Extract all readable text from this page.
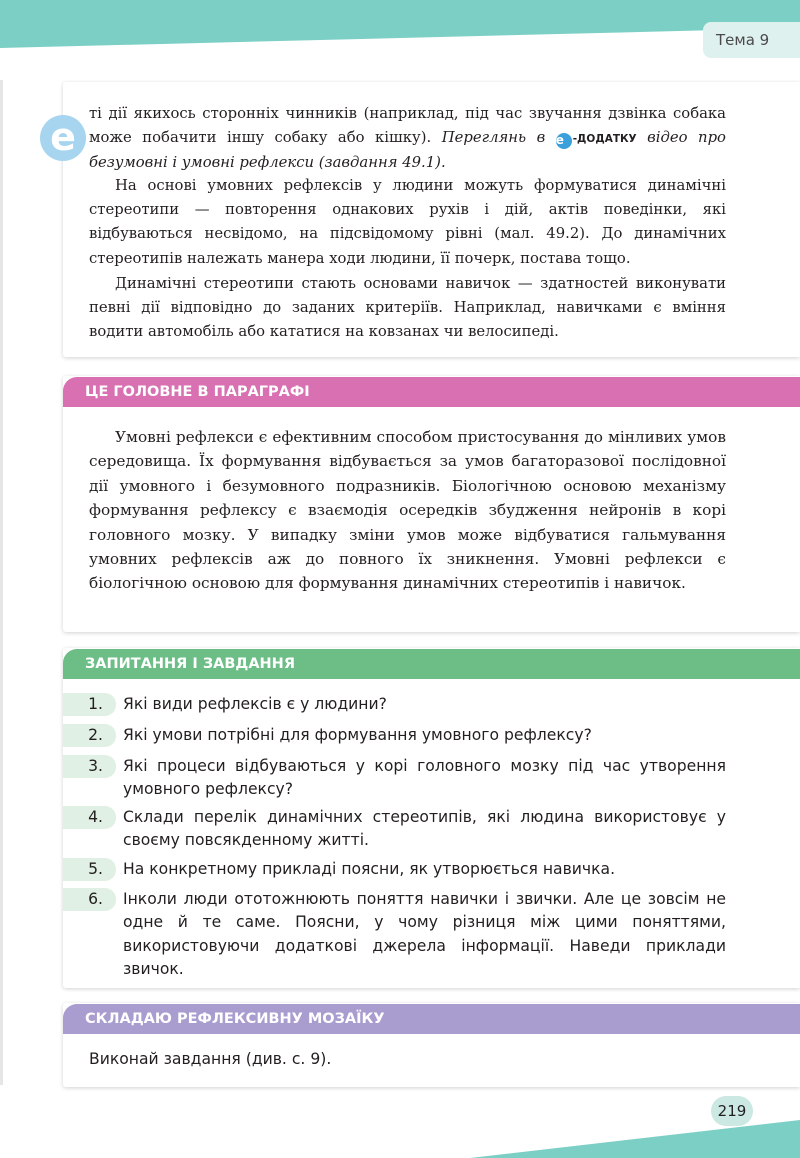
Тема 9
e

ті дії якихось сторонніх чинників (наприклад, під час звучання дзвінка собака може побачити іншу собаку або кішку). Переглянь в е -ДОДАТКУ відео про безумовні і умовні рефлекси (завдання 49.1).

На основі умовних рефлексів у людини можуть формуватися динамічні стереотипи — повторення однакових рухів і дій, актів поведінки, які відбуваються несвідомо, на підсвідомому рівні (мал. 49.2). До динамічних стереотипів належать манера ходи людини, її почерк, постава тощо.

Динамічні стереотипи стають основами навичок — здатностей виконувати певні дії відповідно до заданих критеріїв. Наприклад, навичками є вміння водити автомобіль або кататися на ковзанах чи велосипеді.

ЦЕ ГОЛОВНЕ В ПАРАГРАФІ

Умовні рефлекси є ефективним способом пристосування до мінливих умов середовища. Їх формування відбувається за умов багаторазової послідовної дії умовного і безумовного подразників. Біологічною основою механізму формування рефлексу є взаємодія осередків збудження нейронів в корі головного мозку. У випадку зміни умов може відбуватися гальмування умовних рефлексів аж до повного їх зникнення. Умовні рефлекси є біологічною основою для формування динамічних стереотипів і навичок.

ЗАПИТАННЯ І ЗАВДАННЯ
1.	Які види рефлексів є у людини?
2.	Які умови потрібні для формування умовного рефлексу?
3.	Які процеси відбуваються у корі головного мозку під час утворення умовного рефлексу?
4.	Склади перелік динамічних стереотипів, які людина використовує у своєму повсякденному житті.
5.	На конкретному прикладі поясни, як утворюється навичка.
6.	Інколи люди ототожнюють поняття навички і звички. Але це зовсім не одне й те саме. Поясни, у чому різниця між цими поняттями, використовуючи додаткові джерела інформації. Наведи приклади звичок.
СКЛАДАЮ РЕФЛЕКСИВНУ МОЗАЇКУ
Виконай завдання (див. с. 9).
219
